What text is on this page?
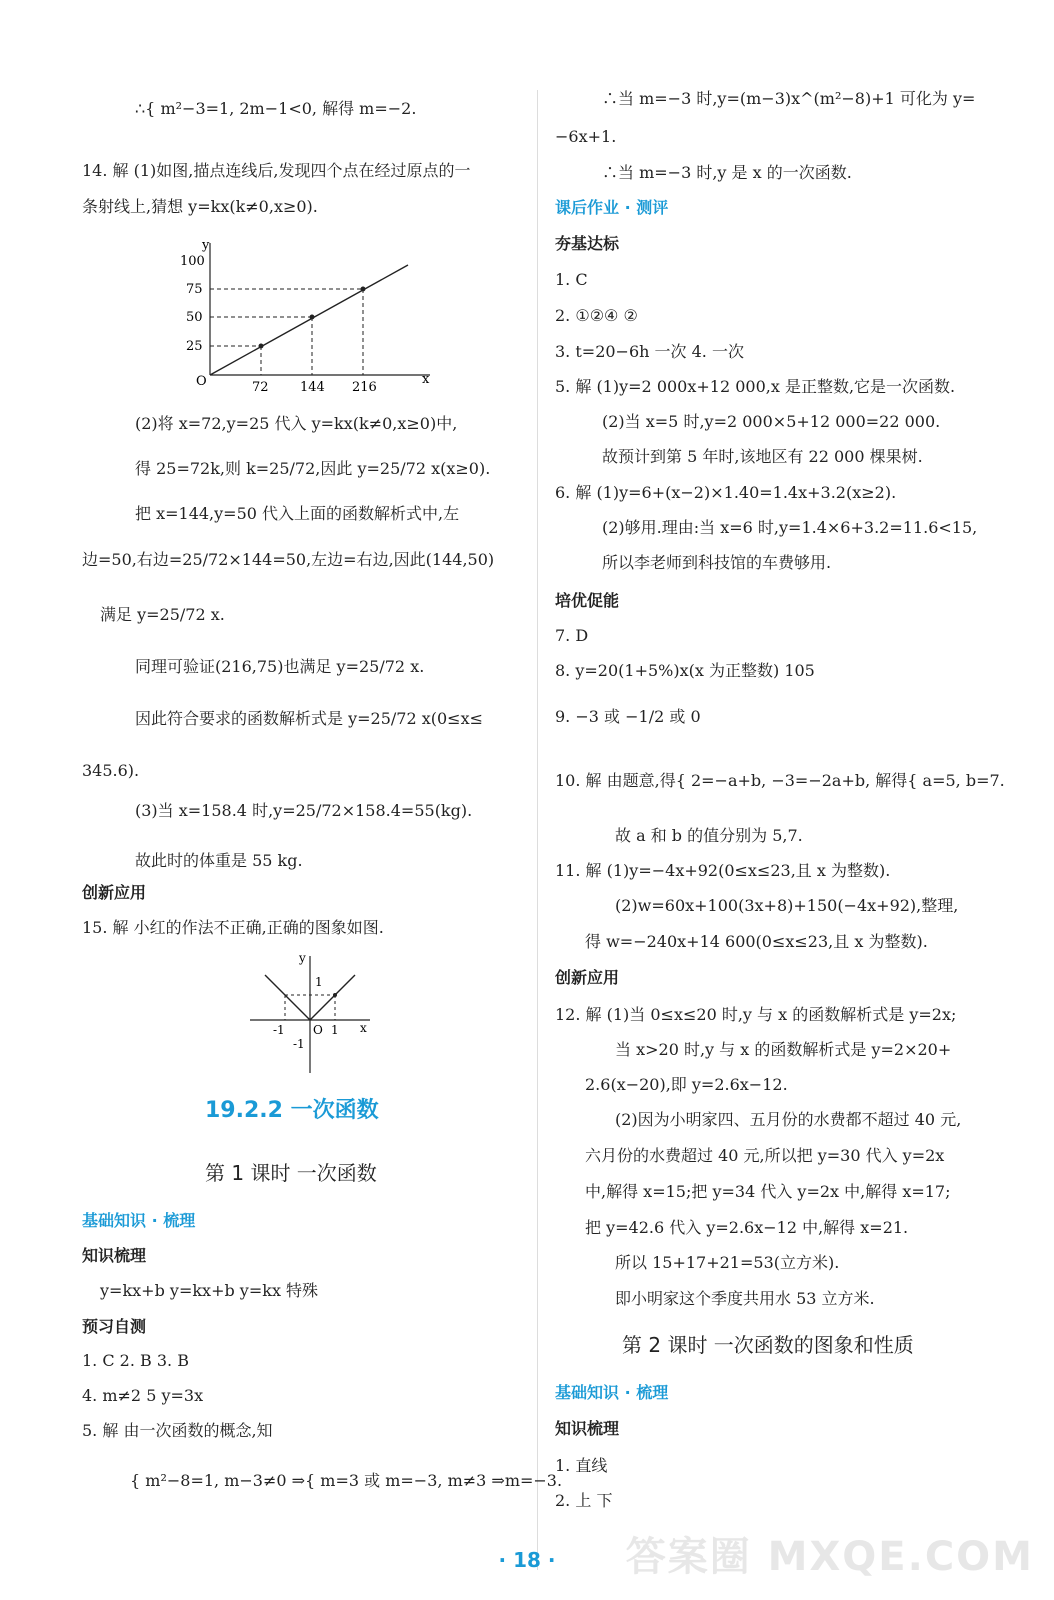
∴{ m²−3=1, 2m−1<0, 解得 m=−2.
14. 解 (1)如图,描点连线后,发现四个点在经过原点的一
条射线上,猜想 y=kx(k≠0,x≥0).
y
x
O
100
75
50
25
72 144 216
(2)将 x=72,y=25 代入 y=kx(k≠0,x≥0)中,
得 25=72k,则 k=25/72,因此 y=25/72 x(x≥0).
把 x=144,y=50 代入上面的函数解析式中,左
边=50,右边=25/72×144=50,左边=右边,因此(144,50)
满足 y=25/72 x.
同理可验证(216,75)也满足 y=25/72 x.
因此符合要求的函数解析式是 y=25/72 x(0≤x≤
345.6).
(3)当 x=158.4 时,y=25/72×158.4=55(kg).
故此时的体重是 55 kg.
创新应用
15. 解 小红的作法不正确,正确的图象如图.
y
x
O
1
-1	1
-1
19.2.2 一次函数
第 1 课时 一次函数
基础知识 · 梳理
知识梳理
y=kx+b y=kx+b y=kx 特殊
预习自测
1. C 2. B 3. B
4. m≠2 5 y=3x
5. 解 由一次函数的概念,知
{ m²−8=1, m−3≠0 ⇒{ m=3 或 m=−3, m≠3 ⇒m=−3.
∴当 m=−3 时,y=(m−3)x^(m²−8)+1 可化为 y=
−6x+1.
∴当 m=−3 时,y 是 x 的一次函数.
课后作业 · 测评
夯基达标
1. C
2. ①②④ ②
3. t=20−6h 一次 4. 一次
5. 解 (1)y=2 000x+12 000,x 是正整数,它是一次函数.
(2)当 x=5 时,y=2 000×5+12 000=22 000.
故预计到第 5 年时,该地区有 22 000 棵果树.
6. 解 (1)y=6+(x−2)×1.40=1.4x+3.2(x≥2).
(2)够用.理由:当 x=6 时,y=1.4×6+3.2=11.6<15,
所以李老师到科技馆的车费够用.
培优促能
7. D
8. y=20(1+5%)x(x 为正整数) 105
9. −3 或 −1/2 或 0
10. 解 由题意,得{ 2=−a+b, −3=−2a+b, 解得{ a=5, b=7.
故 a 和 b 的值分别为 5,7.
11. 解 (1)y=−4x+92(0≤x≤23,且 x 为整数).
(2)w=60x+100(3x+8)+150(−4x+92),整理,
得 w=−240x+14 600(0≤x≤23,且 x 为整数).
创新应用
12. 解 (1)当 0≤x≤20 时,y 与 x 的函数解析式是 y=2x;
当 x>20 时,y 与 x 的函数解析式是 y=2×20+
2.6(x−20),即 y=2.6x−12.
(2)因为小明家四、五月份的水费都不超过 40 元,
六月份的水费超过 40 元,所以把 y=30 代入 y=2x
中,解得 x=15;把 y=34 代入 y=2x 中,解得 x=17;
把 y=42.6 代入 y=2.6x−12 中,解得 x=21.
所以 15+17+21=53(立方米).
即小明家这个季度共用水 53 立方米.
第 2 课时 一次函数的图象和性质
基础知识 · 梳理
知识梳理
1. 直线
2. 上 下
· 18 ·	答案圈 MXQE.COM
